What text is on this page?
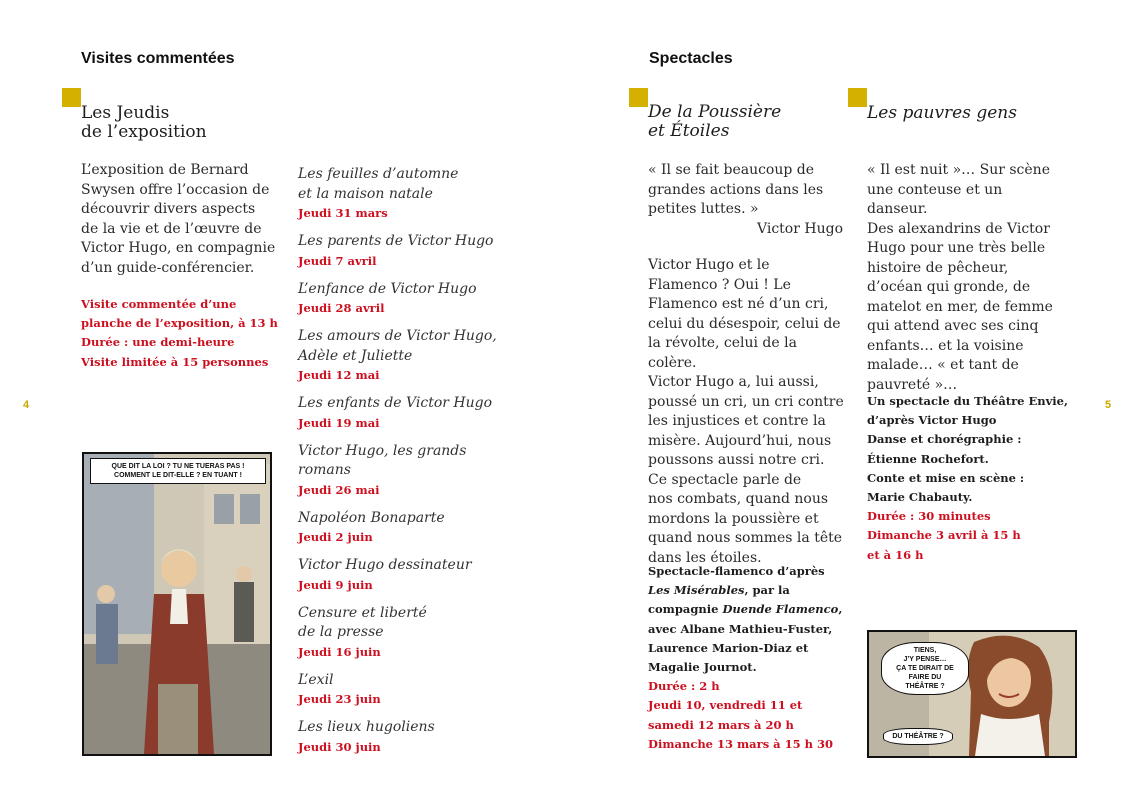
Visites commentées
Les Jeudis
de l’exposition

L’exposition de Bernard

Swysen offre l’occasion de

découvrir divers aspects

de la vie et de l’œuvre de

Victor Hugo, en compagnie

d’un guide-conférencier.

Visite commentée d’une
planche de l’exposition, à 13 h
Durée : une demi-heure
Visite limitée à 15 personnes
Les feuilles d’automne
et la maison natale
Jeudi 31 mars
Les parents de Victor Hugo
Jeudi 7 avril
L’enfance de Victor Hugo
Jeudi 28 avril
Les amours de Victor Hugo,
Adèle et Juliette
Jeudi 12 mai
Les enfants de Victor Hugo
Jeudi 19 mai
Victor Hugo, les grands
romans
Jeudi 26 mai
Napoléon Bonaparte
Jeudi 2 juin
Victor Hugo dessinateur
Jeudi 9 juin
Censure et liberté
de la presse
Jeudi 16 juin
L’exil
Jeudi 23 juin
Les lieux hugoliens
Jeudi 30 juin
4
QUE DIT LA LOI ? TU NE TUERAS PAS !
COMMENT LE DIT-ELLE ? EN TUANT !
Spectacles
De la Poussière
et Étoiles

« Il se fait beaucoup de

grandes actions dans les

petites luttes. »

Victor Hugo

Victor Hugo et le

Flamenco ? Oui ! Le

Flamenco est né d’un cri,

celui du désespoir, celui de

la révolte, celui de la colère.

Victor Hugo a, lui aussi,

poussé un cri, un cri contre

les injustices et contre la

misère. Aujourd’hui, nous

poussons aussi notre cri.

Ce spectacle parle de

nos combats, quand nous

mordons la poussière et

quand nous sommes la tête

dans les étoiles.

Spectacle-flamenco d’après
Les Misérables, par la
compagnie Duende Flamenco,
avec Albane Mathieu-Fuster,
Laurence Marion-Diaz et
Magalie Journot.
Durée : 2 h
Jeudi 10, vendredi 11 et
samedi 12 mars à 20 h
Dimanche 13 mars à 15 h 30
Les pauvres gens

« Il est nuit »… Sur scène

une conteuse et un danseur.

Des alexandrins de Victor

Hugo pour une très belle

histoire de pêcheur,

d’océan qui gronde, de

matelot en mer, de femme

qui attend avec ses cinq

enfants… et la voisine

malade… « et tant de

pauvreté »…

Un spectacle du Théâtre Envie,
d’après Victor Hugo
Danse et chorégraphie :
Étienne Rochefort.
Conte et mise en scène :
Marie Chabauty.
Durée : 30 minutes
Dimanche 3 avril à 15 h
et à 16 h
5
TIENS,
J’Y PENSE…
ÇA TE DIRAIT DE
FAIRE DU
THÉÂTRE ?
DU THÉÂTRE ?
